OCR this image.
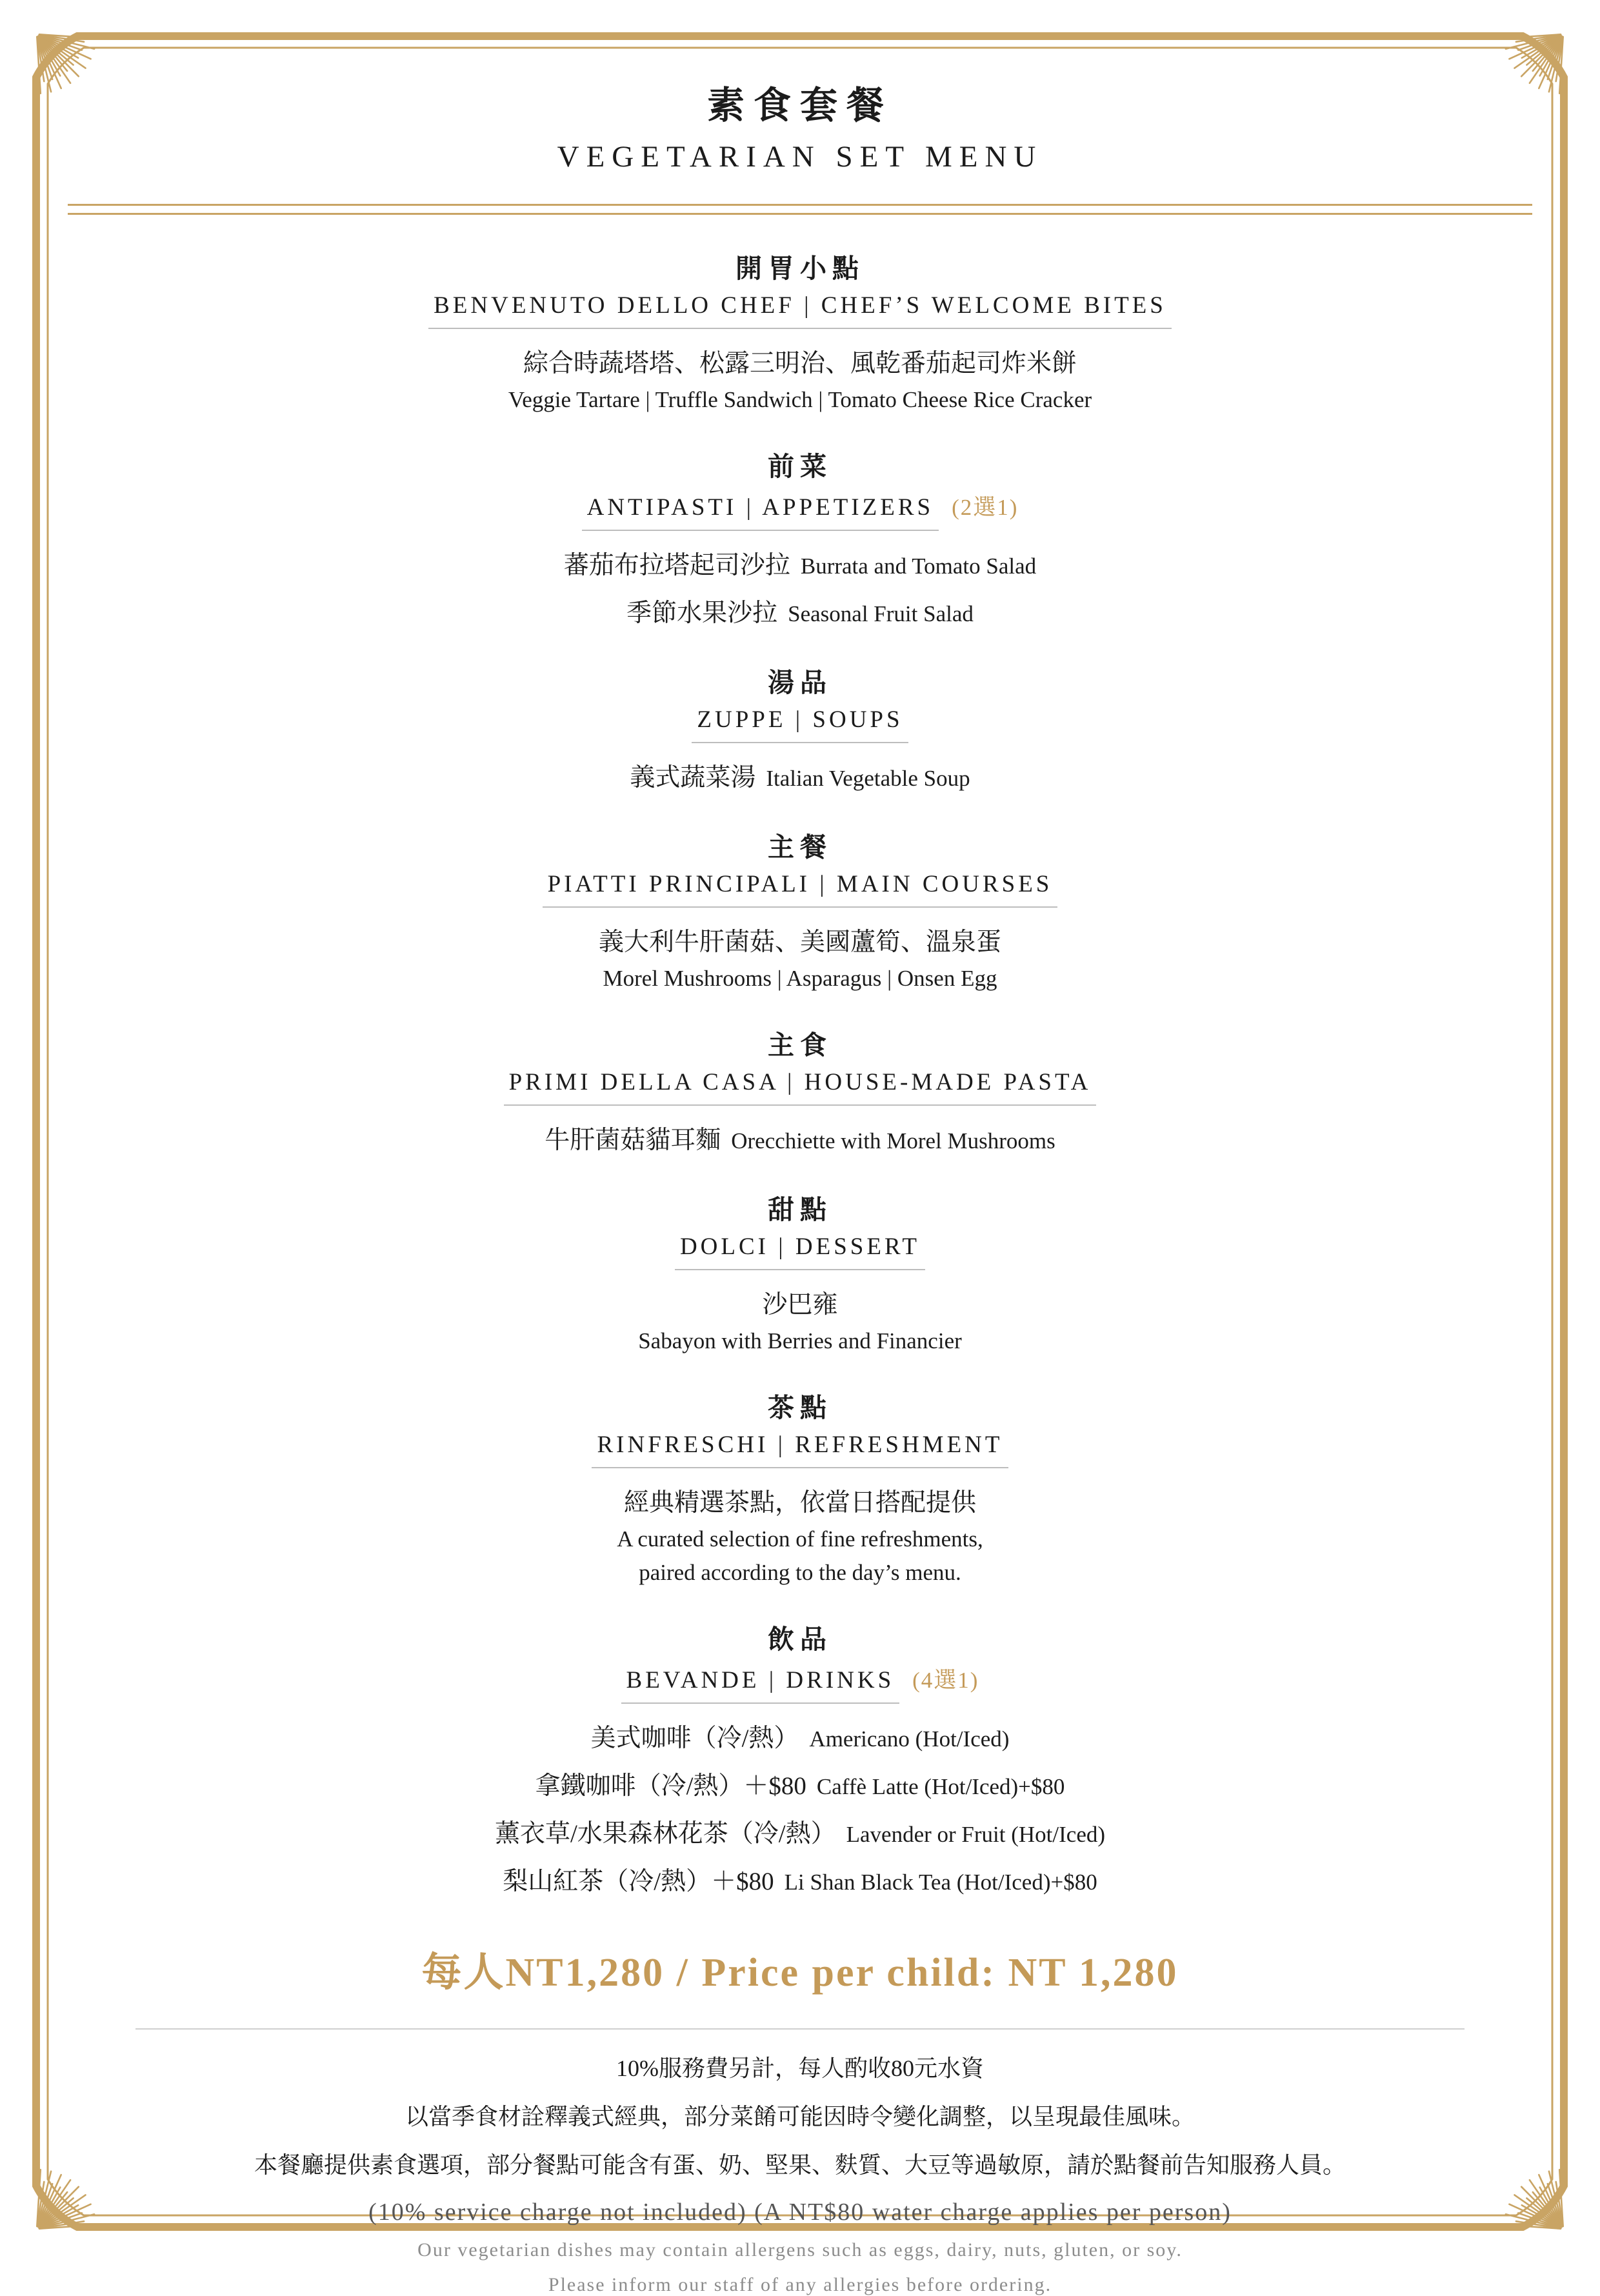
素食套餐
VEGETARIAN SET MENU
開胃小點
BENVENUTO DELLO CHEF | CHEF’S WELCOME BITES
綜合時蔬塔塔、松露三明治、風乾番茄起司炸米餅
Veggie Tartare | Truffle Sandwich | Tomato Cheese Rice Cracker
前菜
ANTIPASTI | APPETIZERS (2選1)
蕃茄布拉塔起司沙拉 Burrata and Tomato Salad
季節水果沙拉 Seasonal Fruit Salad
湯品
ZUPPE | SOUPS
義式蔬菜湯 Italian Vegetable Soup
主餐
PIATTI PRINCIPALI | MAIN COURSES
義大利牛肝菌菇、美國蘆筍、溫泉蛋
Morel Mushrooms | Asparagus | Onsen Egg
主食
PRIMI DELLA CASA | HOUSE-MADE PASTA
牛肝菌菇貓耳麵 Orecchiette with Morel Mushrooms
甜點
DOLCI | DESSERT
沙巴雍
Sabayon with Berries and Financier
茶點
RINFRESCHI | REFRESHMENT
經典精選茶點，依當日搭配提供
A curated selection of fine refreshments,
paired according to the day’s menu.
飲品
BEVANDE | DRINKS (4選1)
美式咖啡（冷/熱） Americano (Hot/Iced)
拿鐵咖啡（冷/熱）＋$80 Caffè Latte (Hot/Iced)+$80
薰衣草/水果森林花茶（冷/熱） Lavender or Fruit (Hot/Iced)
梨山紅茶（冷/熱）＋$80 Li Shan Black Tea (Hot/Iced)+$80
每人NT1,280 / Price per child: NT 1,280
10%服務費另計，每人酌收80元水資
以當季食材詮釋義式經典，部分菜餚可能因時令變化調整，以呈現最佳風味。
本餐廳提供素食選項，部分餐點可能含有蛋、奶、堅果、麩質、大豆等過敏原，請於點餐前告知服務人員。
(10% service charge not included) (A NT$80 water charge applies per person)
Our vegetarian dishes may contain allergens such as eggs, dairy, nuts, gluten, or soy.
Please inform our staff of any allergies before ordering.
